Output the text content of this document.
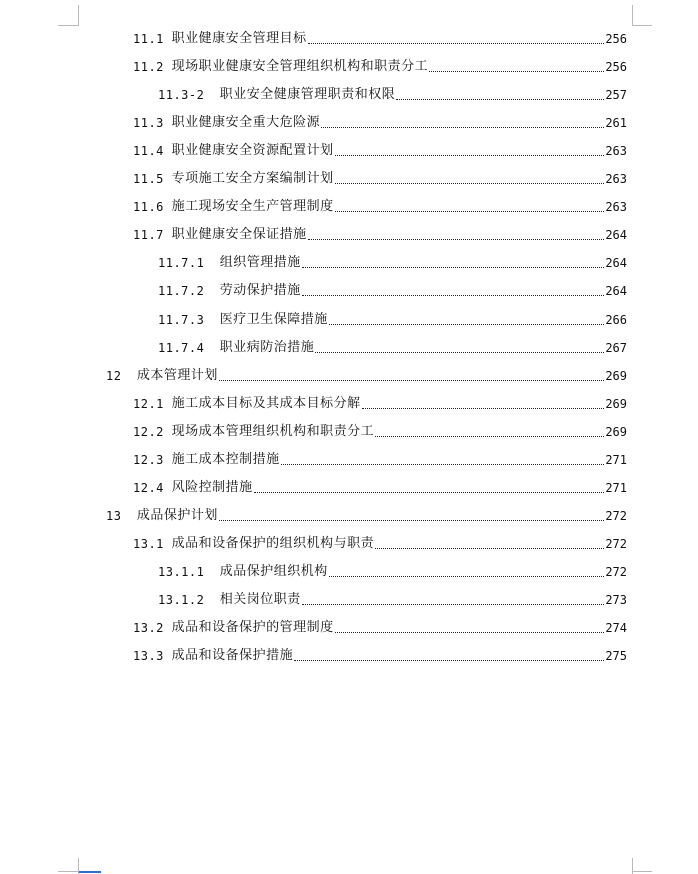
11.1 职业健康安全管理目标	256
11.2 现场职业健康安全管理组织机构和职责分工	256
11.3-2 职业安全健康管理职责和权限	257
11.3 职业健康安全重大危险源	261
11.4 职业健康安全资源配置计划	263
11.5 专项施工安全方案编制计划	263
11.6 施工现场安全生产管理制度	263
11.7 职业健康安全保证措施	264
11.7.1 组织管理措施	264
11.7.2 劳动保护措施	264
11.7.3 医疗卫生保障措施	266
11.7.4 职业病防治措施	267
12 成本管理计划	269
12.1 施工成本目标及其成本目标分解	269
12.2 现场成本管理组织机构和职责分工	269
12.3 施工成本控制措施	271
12.4 风险控制措施	271
13 成品保护计划	272
13.1 成品和设备保护的组织机构与职责	272
13.1.1 成品保护组织机构	272
13.1.2 相关岗位职责	273
13.2 成品和设备保护的管理制度	274
13.3 成品和设备保护措施	275
